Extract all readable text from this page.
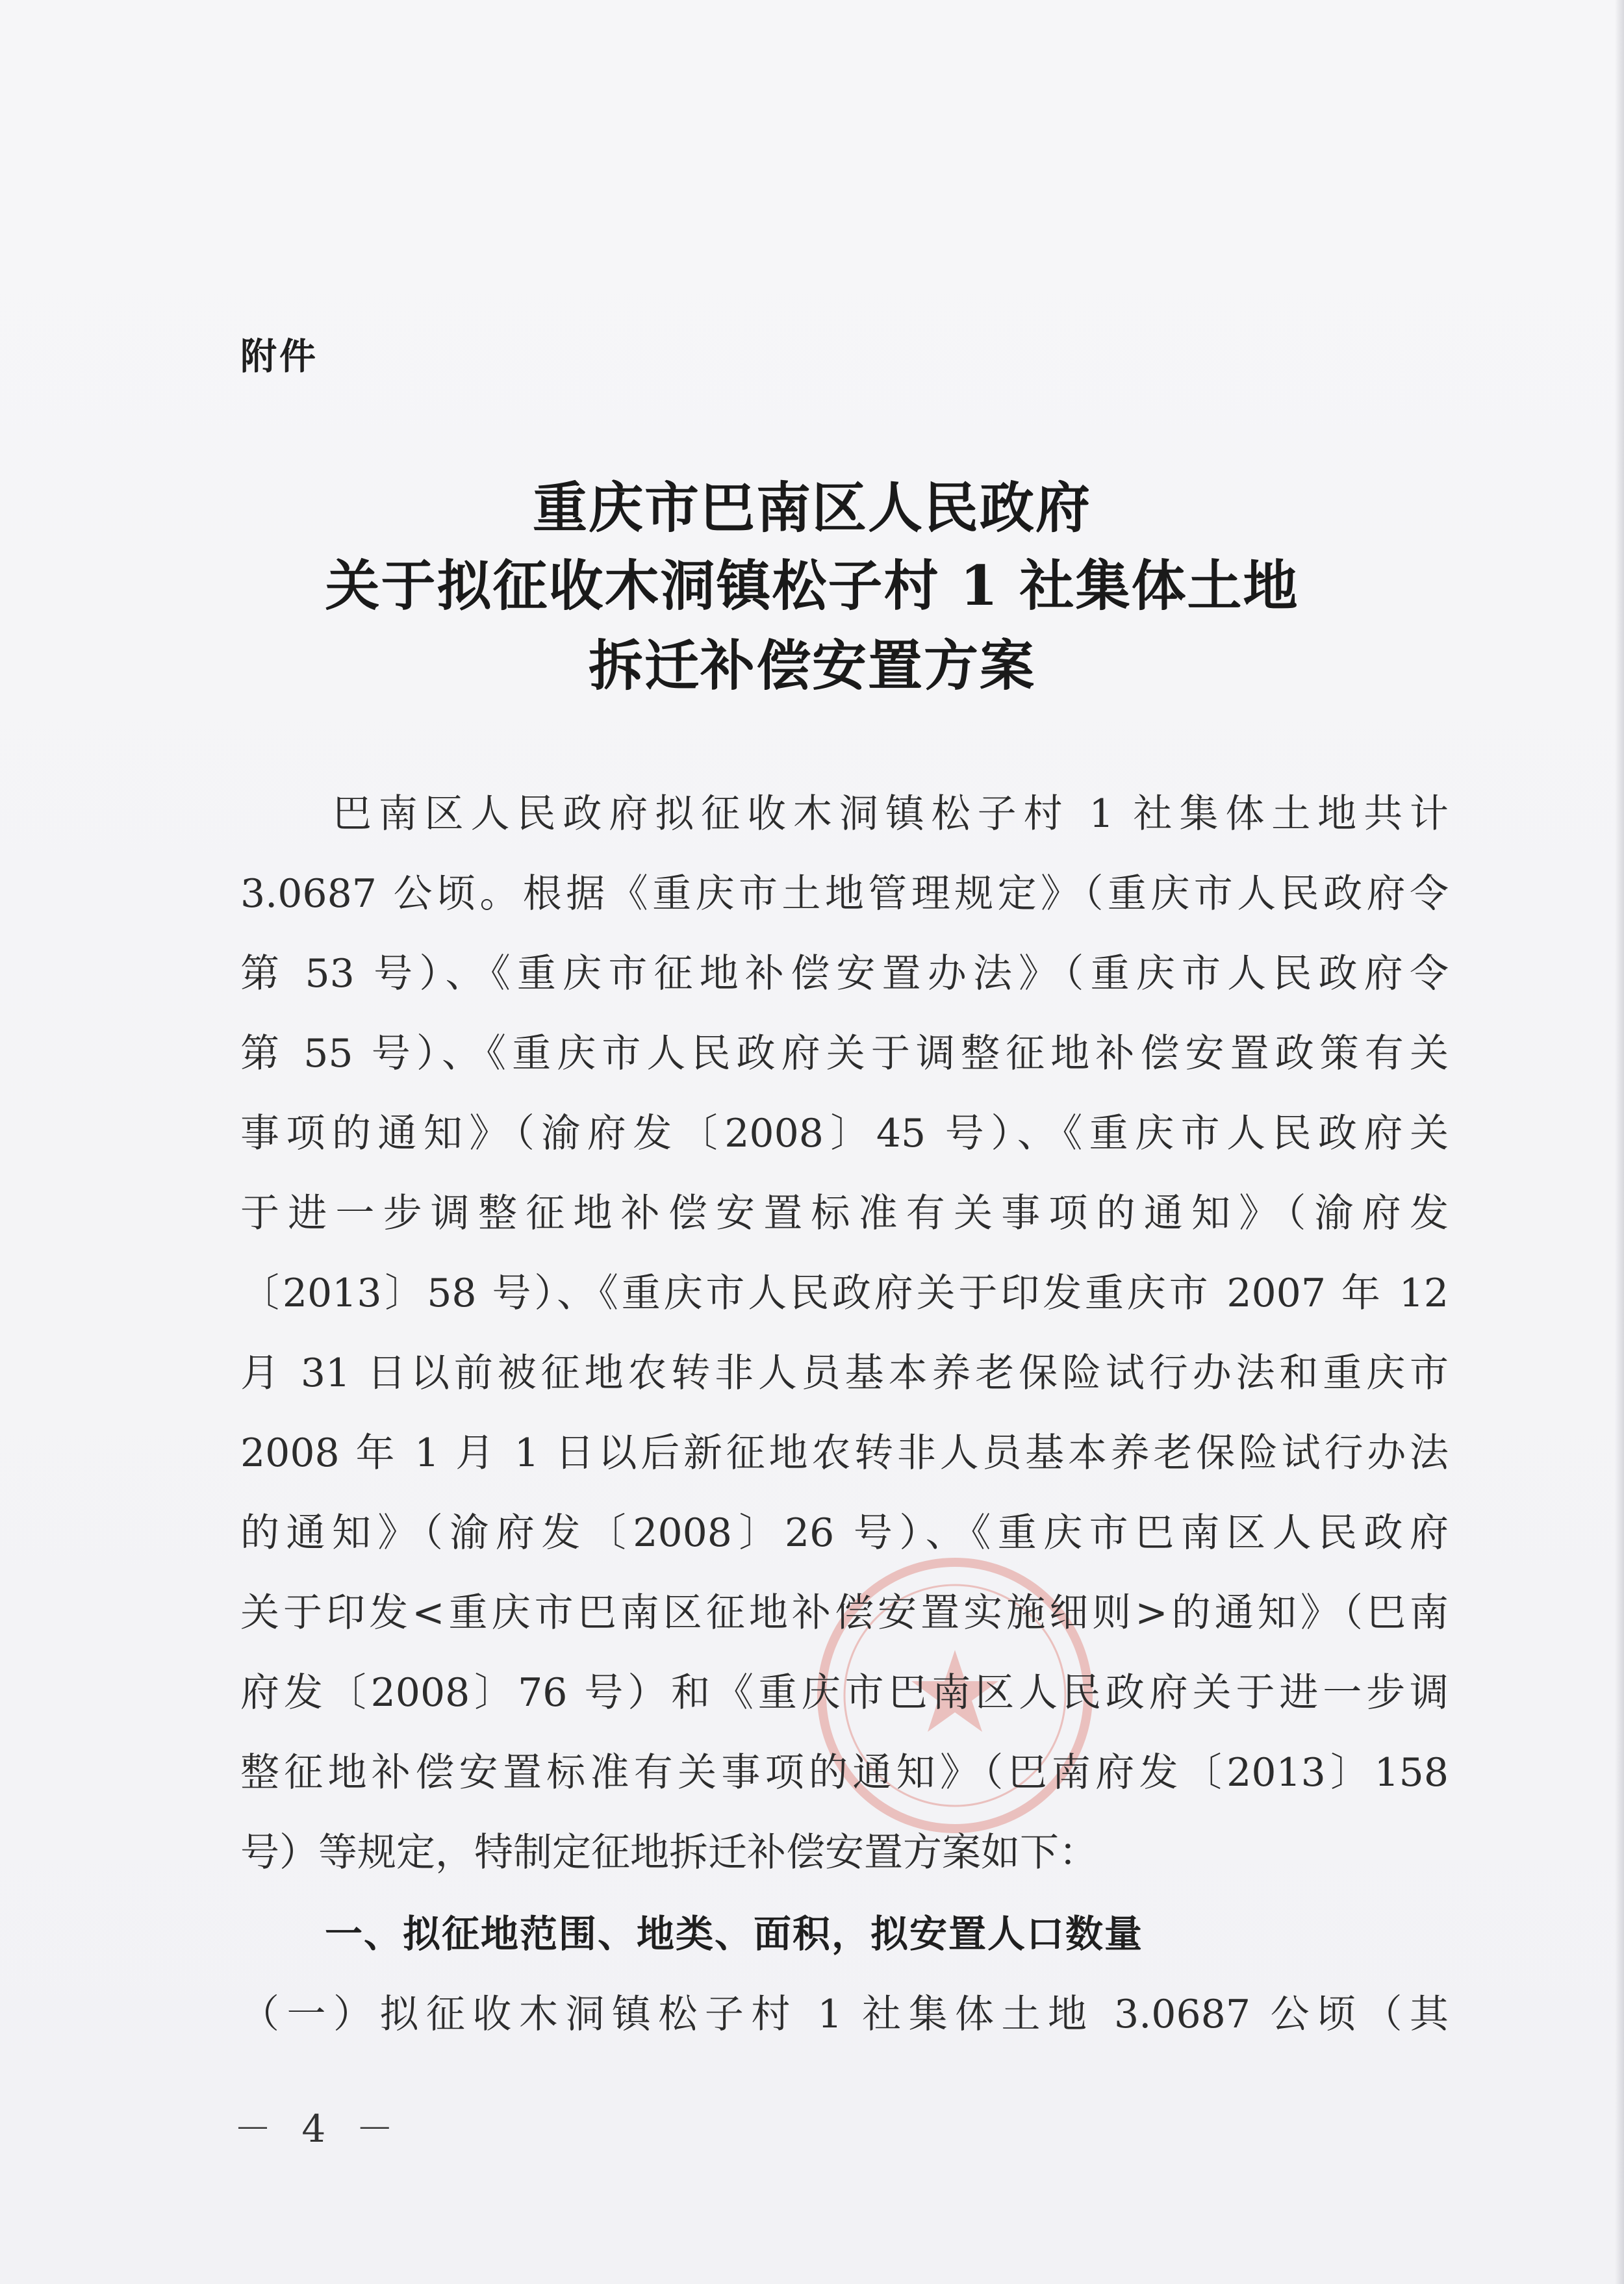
附件
重庆市巴南区人民政府
关于拟征收木洞镇松子村 1 社集体土地
拆迁补偿安置方案
　　巴南区人民政府拟征收木洞镇松子村 1 社集体土地共计
3.0687 公顷。根据《重庆市土地管理规定》（重庆市人民政府令
第 53 号）、《重庆市征地补偿安置办法》（重庆市人民政府令
第 55 号）、《重庆市人民政府关于调整征地补偿安置政策有关
事项的通知》（渝府发〔2008〕45 号）、《重庆市人民政府关
于进一步调整征地补偿安置标准有关事项的通知》（渝府发
〔2013〕58 号）、《重庆市人民政府关于印发重庆市 2007 年 12
月 31 日以前被征地农转非人员基本养老保险试行办法和重庆市
2008 年 1 月 1 日以后新征地农转非人员基本养老保险试行办法
的通知》（渝府发〔2008〕26 号）、《重庆市巴南区人民政府
关于印发<重庆市巴南区征地补偿安置实施细则>的通知》（巴南
府发〔2008〕76 号）和《重庆市巴南区人民政府关于进一步调
整征地补偿安置标准有关事项的通知》（巴南府发〔2013〕158
号）等规定，特制定征地拆迁补偿安置方案如下：
一、拟征地范围、地类、面积，拟安置人口数量
（一）拟征收木洞镇松子村 1 社集体土地 3.0687 公顷（其
－ 4 －
